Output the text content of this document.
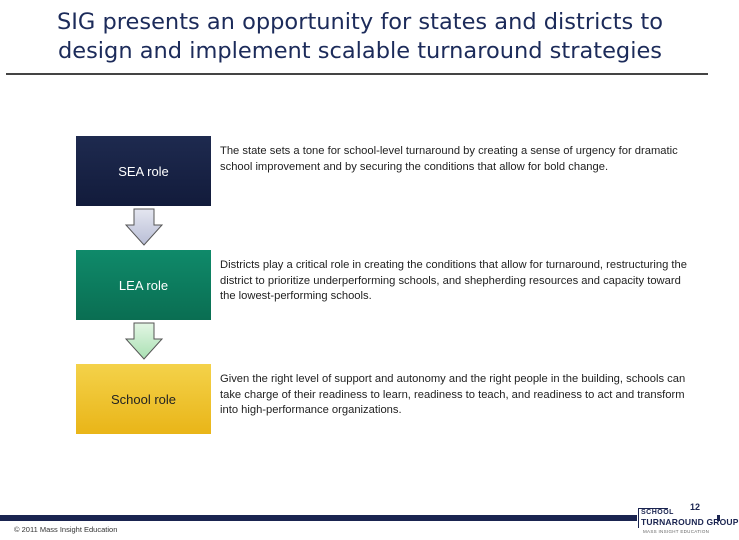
SIG presents an opportunity for states and districts to design and implement scalable turnaround strategies
SEA role
The state sets a tone for school-level turnaround by creating a sense of urgency for dramatic school improvement and by securing the conditions that allow for bold change.
LEA role
Districts play a critical role in creating the conditions that allow for turnaround, restructuring the district to prioritize underperforming schools, and shepherding resources and capacity toward the lowest-performing schools.
School role
Given the right level of support and autonomy and the right people in the building, schools can take charge of their readiness to learn, readiness to teach, and readiness to act and transform into high-performance organizations.
© 2011 Mass Insight Education
SCHOOL
TURNAROUND GROUP
MASS INSIGHT EDUCATION
12
